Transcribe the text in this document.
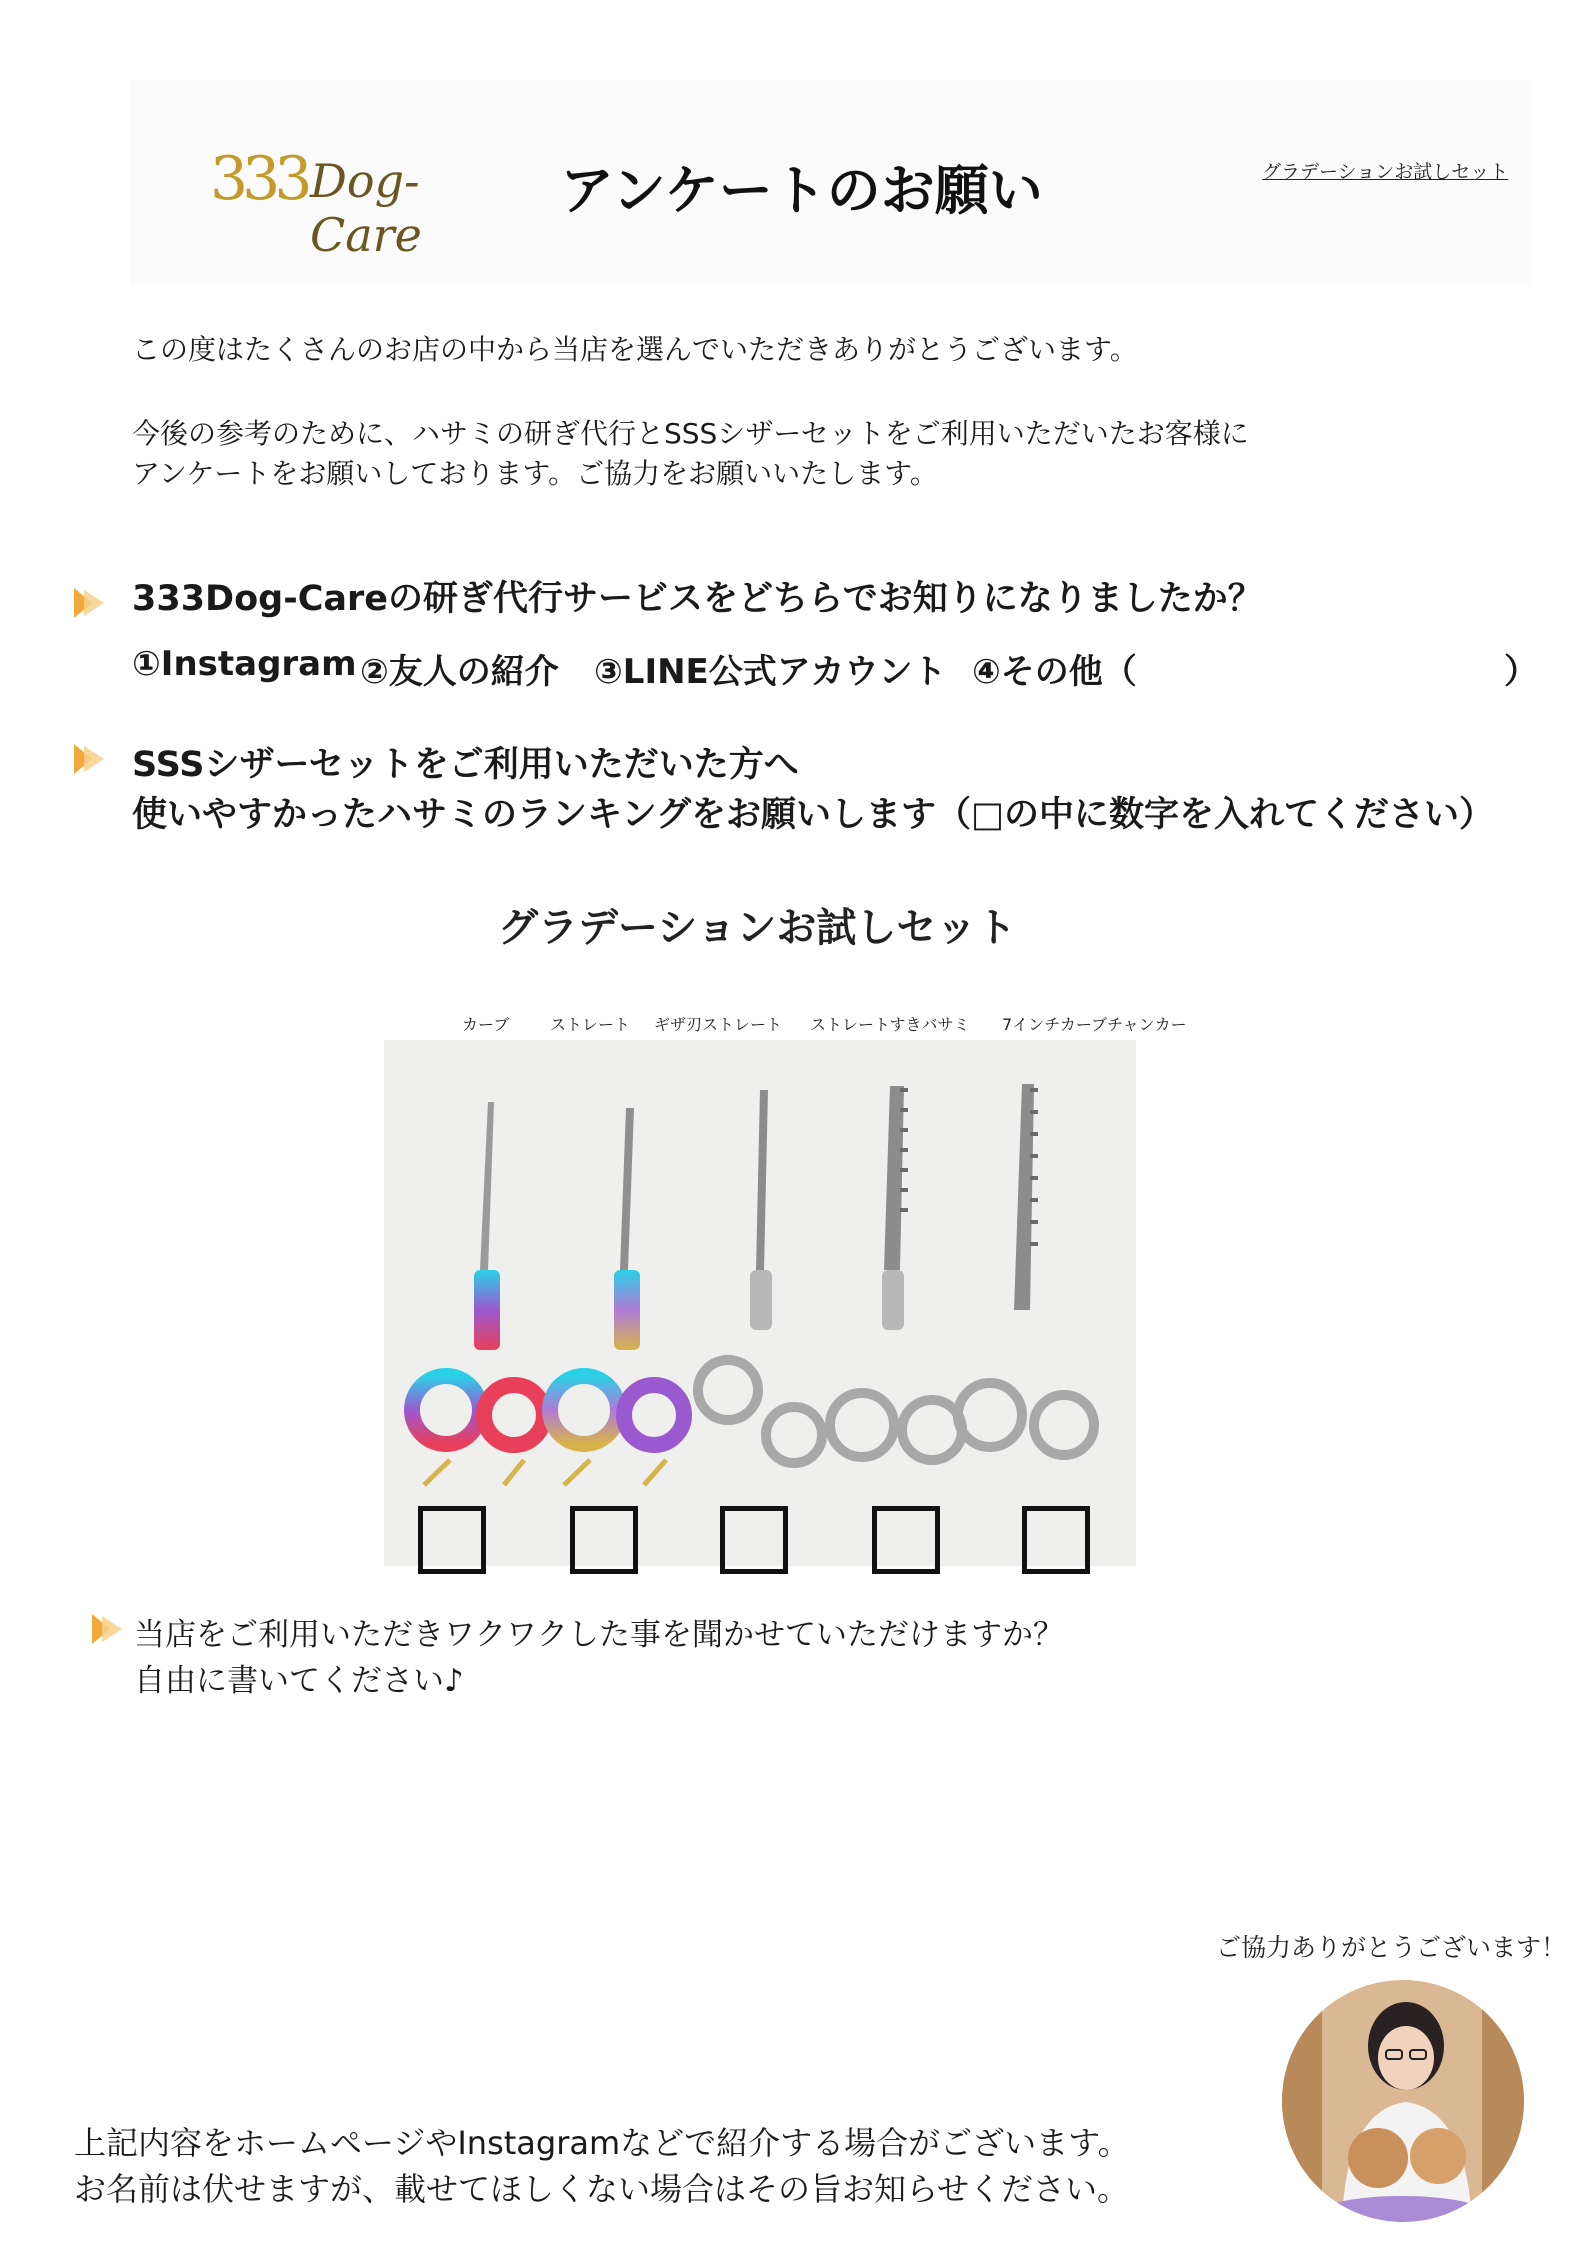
333 Dog-Care
アンケートのお願い	グラデーションお試しセット
この度はたくさんのお店の中から当店を選んでいただきありがとうございます。
今後の参考のために、ハサミの研ぎ代行とSSSシザーセットをご利用いただいたお客様に
アンケートをお願いしております。ご協力をお願いいたします。
333Dog-Careの研ぎ代行サービスをどちらでお知りになりましたか？
①Instagram ②友人の紹介 ③LINE公式アカウント ④その他（	）
SSSシザーセットをご利用いただいた方へ
使いやすかったハサミのランキングをお願いします（□の中に数字を入れてください）
グラデーションお試しセット
カーブ	ストレート ギザ刃ストレート ストレートすきバサミ 7インチカーブチャンカー
当店をご利用いただきワクワクした事を聞かせていただけますか？
自由に書いてください♪
ご協力ありがとうございます！
上記内容をホームページやInstagramなどで紹介する場合がございます。
お名前は伏せますが、載せてほしくない場合はその旨お知らせください。
